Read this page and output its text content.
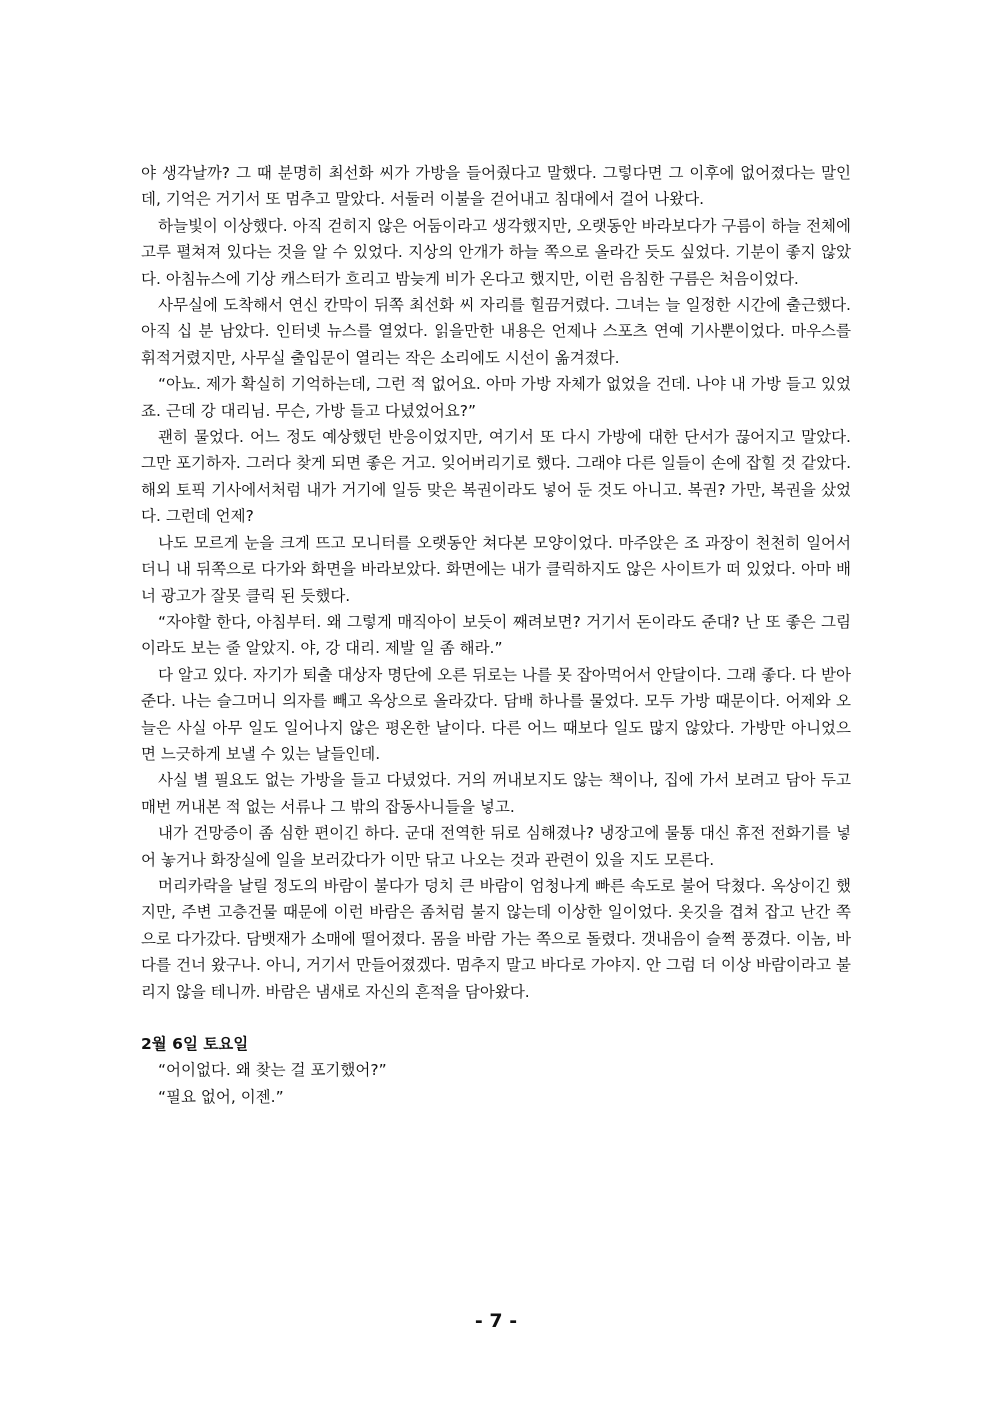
야 생각날까? 그 때 분명히 최선화 씨가 가방을 들어줬다고 말했다. 그렇다면 그 이후에 없어졌다는 말인데, 기억은 거기서 또 멈추고 말았다. 서둘러 이불을 걷어내고 침대에서 걸어 나왔다.

하늘빛이 이상했다. 아직 걷히지 않은 어둠이라고 생각했지만, 오랫동안 바라보다가 구름이 하늘 전체에 고루 펼쳐져 있다는 것을 알 수 있었다. 지상의 안개가 하늘 쪽으로 올라간 듯도 싶었다. 기분이 좋지 않았다. 아침뉴스에 기상 캐스터가 흐리고 밤늦게 비가 온다고 했지만, 이런 음침한 구름은 처음이었다.

사무실에 도착해서 연신 칸막이 뒤쪽 최선화 씨 자리를 힐끔거렸다. 그녀는 늘 일정한 시간에 출근했다. 아직 십 분 남았다. 인터넷 뉴스를 열었다. 읽을만한 내용은 언제나 스포츠 연예 기사뿐이었다. 마우스를 휘적거렸지만, 사무실 출입문이 열리는 작은 소리에도 시선이 옮겨졌다.

“아뇨. 제가 확실히 기억하는데, 그런 적 없어요. 아마 가방 자체가 없었을 건데. 나야 내 가방 들고 있었죠. 근데 강 대리님. 무슨, 가방 들고 다녔었어요?”

괜히 물었다. 어느 정도 예상했던 반응이었지만, 여기서 또 다시 가방에 대한 단서가 끊어지고 말았다. 그만 포기하자. 그러다 찾게 되면 좋은 거고. 잊어버리기로 했다. 그래야 다른 일들이 손에 잡힐 것 같았다. 해외 토픽 기사에서처럼 내가 거기에 일등 맞은 복권이라도 넣어 둔 것도 아니고. 복권? 가만, 복권을 샀었다. 그런데 언제?

나도 모르게 눈을 크게 뜨고 모니터를 오랫동안 쳐다본 모양이었다. 마주앉은 조 과장이 천천히 일어서더니 내 뒤쪽으로 다가와 화면을 바라보았다. 화면에는 내가 클릭하지도 않은 사이트가 떠 있었다. 아마 배너 광고가 잘못 클릭 된 듯했다.

“자야할 한다, 아침부터. 왜 그렇게 매직아이 보듯이 째려보면? 거기서 돈이라도 준대? 난 또 좋은 그림이라도 보는 줄 알았지. 야, 강 대리. 제발 일 좀 해라.”

다 알고 있다. 자기가 퇴출 대상자 명단에 오른 뒤로는 나를 못 잡아먹어서 안달이다. 그래 좋다. 다 받아 준다. 나는 슬그머니 의자를 빼고 옥상으로 올라갔다. 담배 하나를 물었다. 모두 가방 때문이다. 어제와 오늘은 사실 아무 일도 일어나지 않은 평온한 날이다. 다른 어느 때보다 일도 많지 않았다. 가방만 아니었으면 느긋하게 보낼 수 있는 날들인데.

사실 별 필요도 없는 가방을 들고 다녔었다. 거의 꺼내보지도 않는 책이나, 집에 가서 보려고 담아 두고 매번 꺼내본 적 없는 서류나 그 밖의 잡동사니들을 넣고.

내가 건망증이 좀 심한 편이긴 하다. 군대 전역한 뒤로 심해졌나? 냉장고에 물통 대신 휴전 전화기를 넣어 놓거나 화장실에 일을 보러갔다가 이만 닦고 나오는 것과 관련이 있을 지도 모른다.

머리카락을 날릴 정도의 바람이 불다가 덩치 큰 바람이 엄청나게 빠른 속도로 불어 닥쳤다. 옥상이긴 했지만, 주변 고층건물 때문에 이런 바람은 좀처럼 불지 않는데 이상한 일이었다. 옷깃을 겹쳐 잡고 난간 쪽으로 다가갔다. 담뱃재가 소매에 떨어졌다. 몸을 바람 가는 쪽으로 돌렸다. 갯내음이 슬쩍 풍겼다. 이놈, 바다를 건너 왔구나. 아니, 거기서 만들어졌겠다. 멈추지 말고 바다로 가야지. 안 그럼 더 이상 바람이라고 불리지 않을 테니까. 바람은 냄새로 자신의 흔적을 담아왔다.

2월 6일 토요일

“어이없다. 왜 찾는 걸 포기했어?”

“필요 없어, 이젠.”

- 7 -
